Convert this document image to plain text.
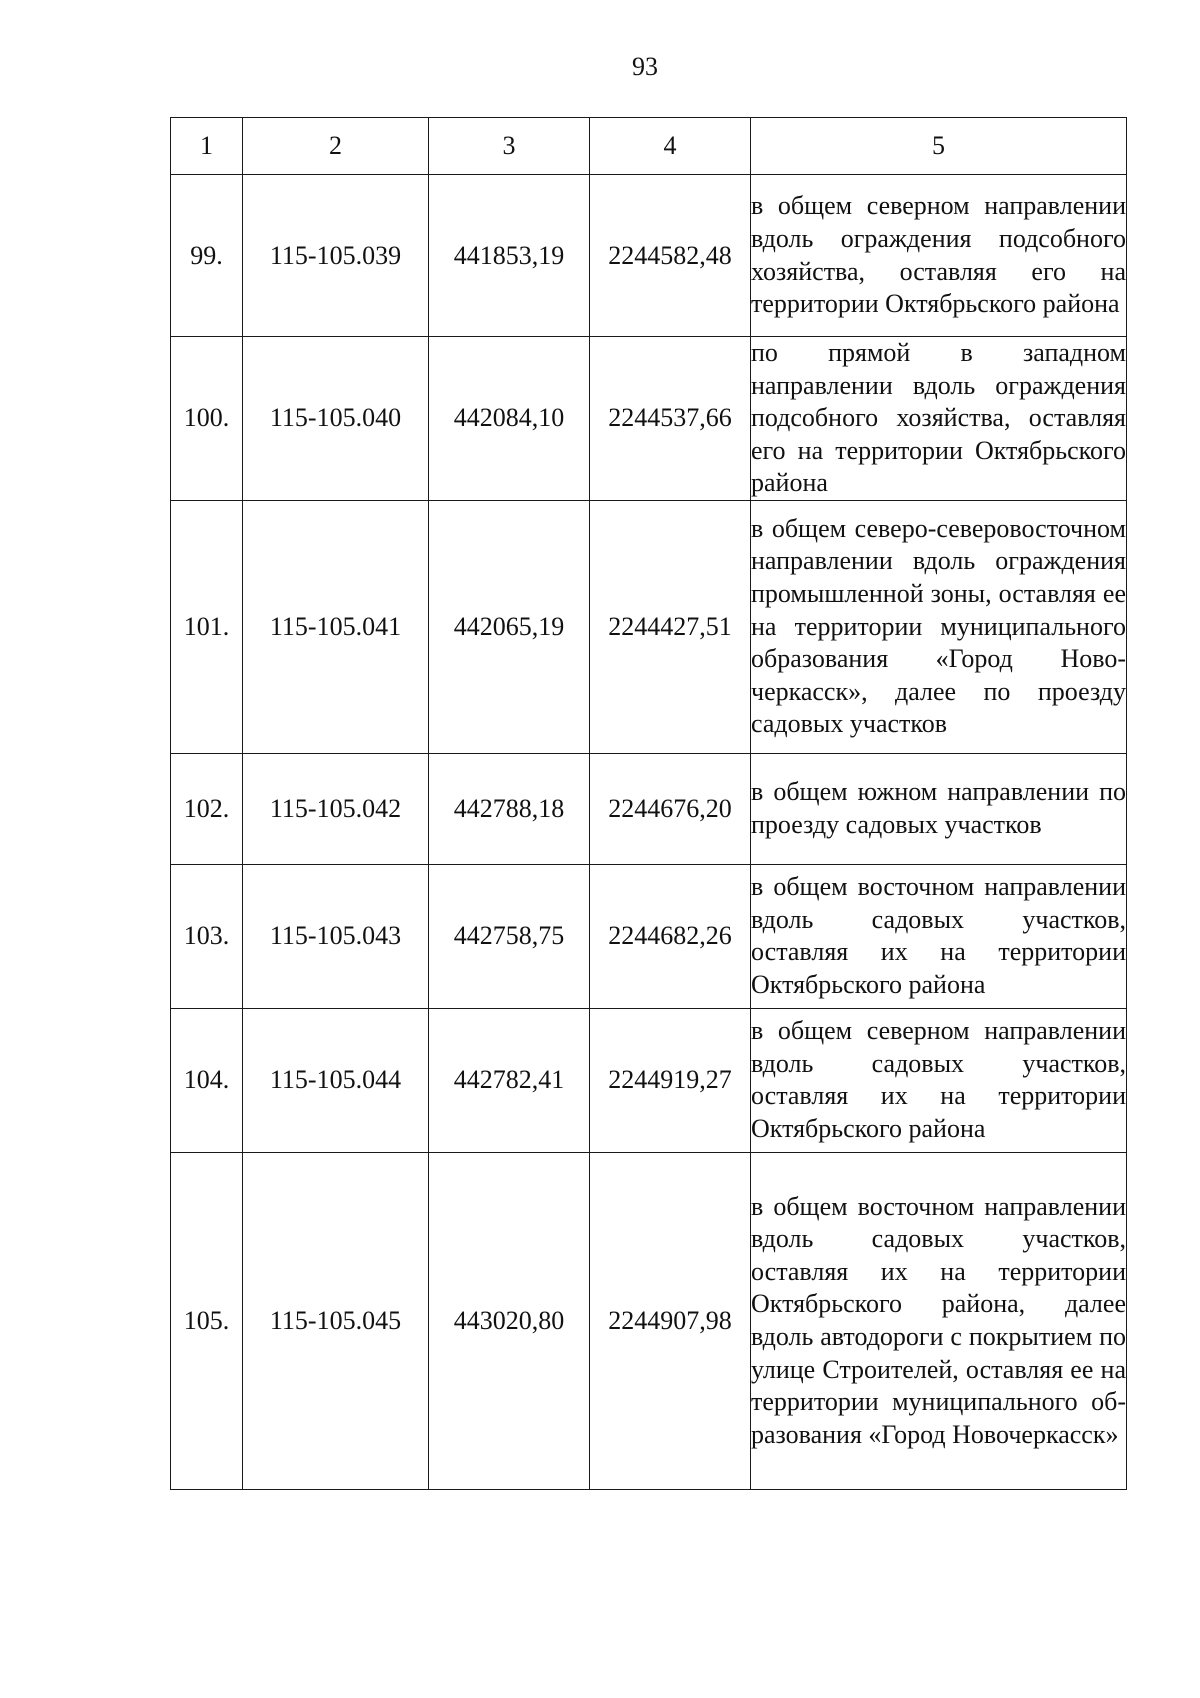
93
1	2	3	4	5
99.	115-105.039	441853,19	2244582,48	в общем северном направлении вдоль ограждения подсобного хозяйства, оставляя его на территории Октябрьского района
100.	115-105.040	442084,10	2244537,66	по прямой в западном направлении вдоль ограждения подсобного хозяйства, оставляя его на территории Октябрьского района
101.	115-105.041	442065,19	2244427,51	в общем северо-северовосточном направлении вдоль ограждения промышленной зоны, оставляя ее на территории муниципального образования «Город Новочеркасск», далее по проезду садовых участков
102.	115-105.042	442788,18	2244676,20	в общем южном направлении по проезду садовых участков
103.	115-105.043	442758,75	2244682,26	в общем восточном направлении вдоль садовых участков, оставляя их на территории Октябрьского района
104.	115-105.044	442782,41	2244919,27	в общем северном направлении вдоль садовых участков, оставляя их на территории Октябрьского района
105.	115-105.045	443020,80	2244907,98	в общем восточном направлении вдоль садовых участков, оставляя их на территории Октябрьского района, далее вдоль автодороги с покрытием по улице Строителей, оставляя ее на территории муниципального образования «Город Новочеркасск»
